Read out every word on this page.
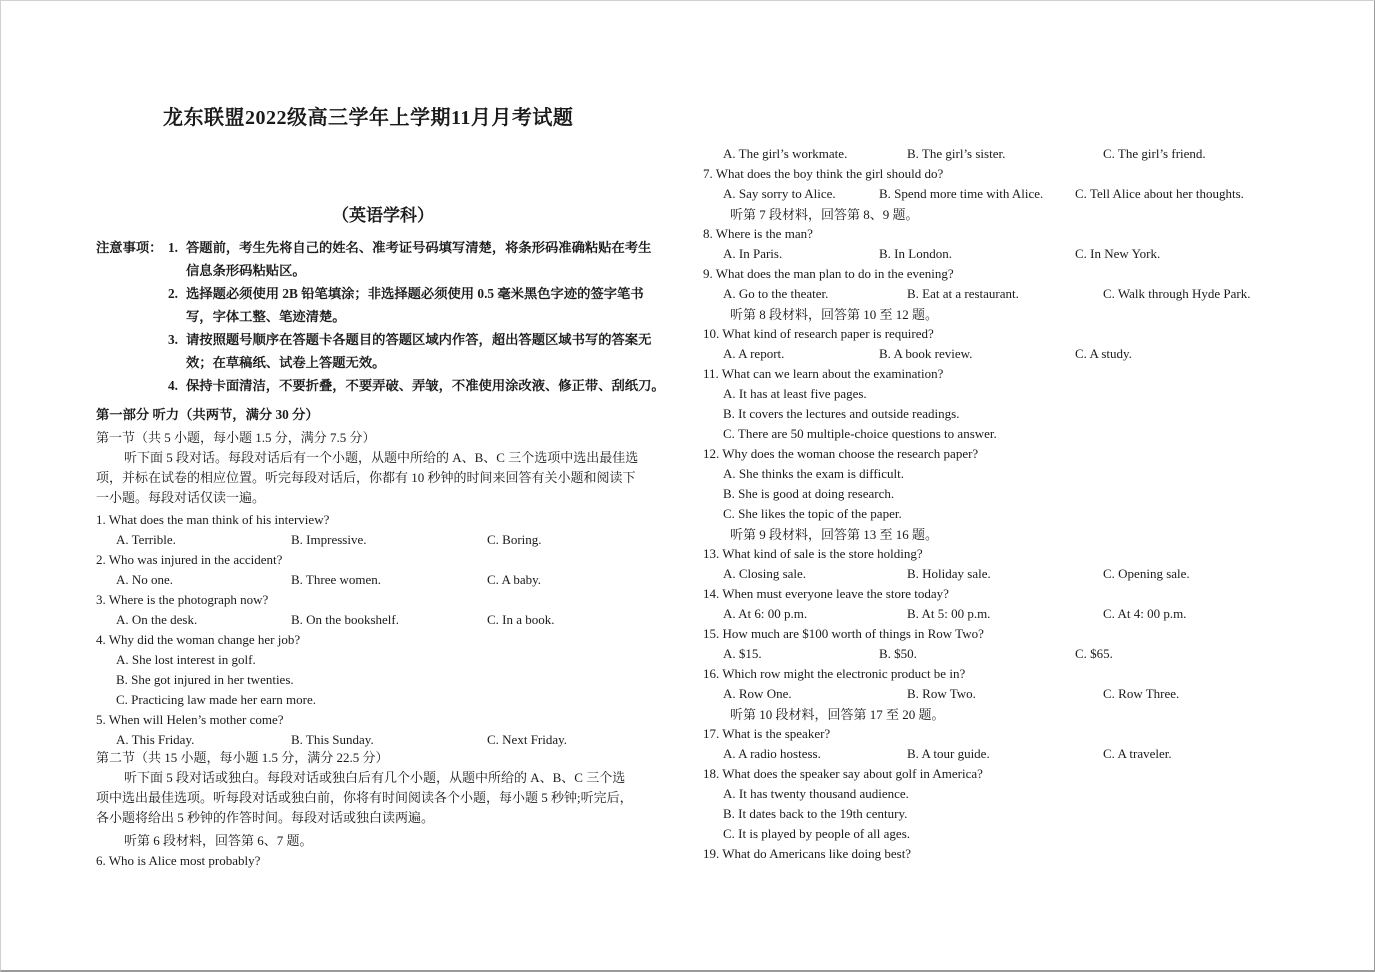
龙东联盟2022级高三学年上学期11月月考试题
（英语学科）
注意事项： 1. 答题前，考生先将自己的姓名、准考证号码填写清楚，将条形码准确粘贴在考生
信息条形码粘贴区。
2. 选择题必须使用 2B 铅笔填涂；非选择题必须使用 0.5 毫米黑色字迹的签字笔书
写，字体工整、笔迹清楚。
3. 请按照题号顺序在答题卡各题目的答题区域内作答，超出答题区域书写的答案无
效；在草稿纸、试卷上答题无效。
4. 保持卡面清洁，不要折叠，不要弄破、弄皱，不准使用涂改液、修正带、刮纸刀。
第一部分 听力（共两节，满分 30 分）
第一节（共 5 小题，每小题 1.5 分，满分 7.5 分）
听下面 5 段对话。每段对话后有一个小题，从题中所给的 A、B、C 三个选项中选出最佳选
项，并标在试卷的相应位置。听完每段对话后，你都有 10 秒钟的时间来回答有关小题和阅读下
一小题。每段对话仅读一遍。
1. What does the man think of his interview?
A. Terrible.	B. Impressive.	C. Boring.
2. Who was injured in the accident?
A. No one.	B. Three women.	C. A baby.
3. Where is the photograph now?
A. On the desk.	B. On the bookshelf.	C. In a book.
4. Why did the woman change her job?
A. She lost interest in golf.
B. She got injured in her twenties.
C. Practicing law made her earn more.
5. When will Helen’s mother come?
A. This Friday.	B. This Sunday.	C. Next Friday.
第二节（共 15 小题，每小题 1.5 分，满分 22.5 分）
听下面 5 段对话或独白。每段对话或独白后有几个小题，从题中所给的 A、B、C 三个选
项中选出最佳选项。听每段对话或独白前，你将有时间阅读各个小题，每小题 5 秒钟;听完后，
各小题将给出 5 秒钟的作答时间。每段对话或独白读两遍。
听第 6 段材料，回答第 6、7 题。
6. Who is Alice most probably?
A. The girl’s workmate.	B. The girl’s sister.	C. The girl’s friend.
7. What does the boy think the girl should do?
A. Say sorry to Alice.	B. Spend more time with Alice. C. Tell Alice about her thoughts.
听第 7 段材料，回答第 8、9 题。
8. Where is the man?
A. In Paris.	B. In London.	C. In New York.
9. What does the man plan to do in the evening?
A. Go to the theater.	B. Eat at a restaurant.	C. Walk through Hyde Park.
听第 8 段材料，回答第 10 至 12 题。
10. What kind of research paper is required?
A. A report.	B. A book review.	C. A study.
11. What can we learn about the examination?
A. It has at least five pages.
B. It covers the lectures and outside readings.
C. There are 50 multiple-choice questions to answer.
12. Why does the woman choose the research paper?
A. She thinks the exam is difficult.
B. She is good at doing research.
C. She likes the topic of the paper.
听第 9 段材料，回答第 13 至 16 题。
13. What kind of sale is the store holding?
A. Closing sale.	B. Holiday sale.	C. Opening sale.
14. When must everyone leave the store today?
A. At 6: 00 p.m.	B. At 5: 00 p.m.	C. At 4: 00 p.m.
15. How much are $100 worth of things in Row Two?
A. $15.	B. $50.	C. $65.
16. Which row might the electronic product be in?
A. Row One.	B. Row Two.	C. Row Three.
听第 10 段材料，回答第 17 至 20 题。
17. What is the speaker?
A. A radio hostess.	B. A tour guide.	C. A traveler.
18. What does the speaker say about golf in America?
A. It has twenty thousand audience.
B. It dates back to the 19th century.
C. It is played by people of all ages.
19. What do Americans like doing best?
